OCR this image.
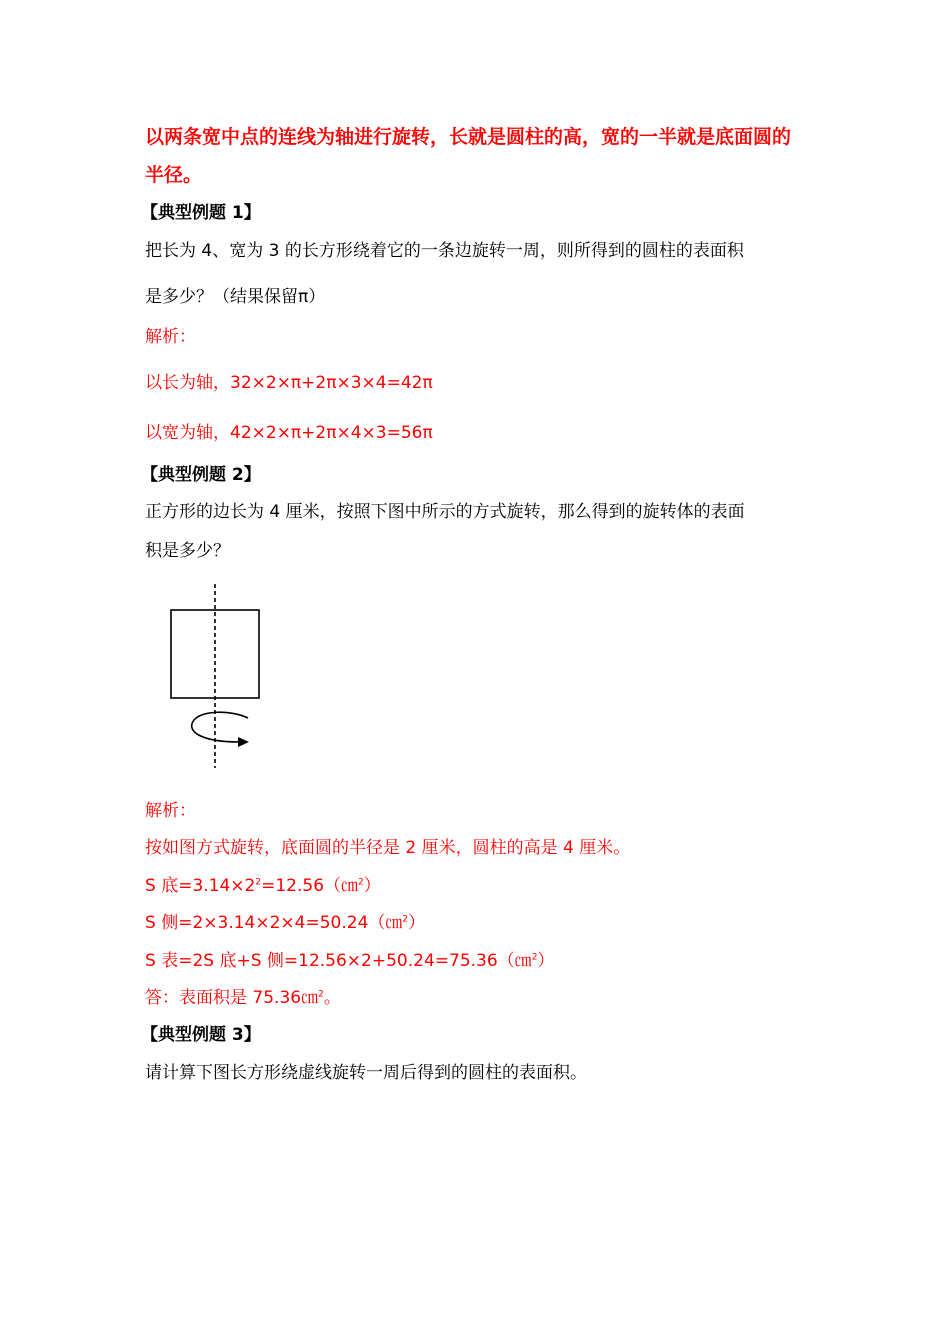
以两条宽中点的连线为轴进行旋转，长就是圆柱的高，宽的一半就是底面圆的
半径。
【典型例题 1】
把长为 4、宽为 3 的长方形绕着它的一条边旋转一周，则所得到的圆柱的表面积
是多少？（结果保留π）
解析：
以长为轴，32×2×π+2π×3×4=42π
以宽为轴，42×2×π+2π×4×3=56π
【典型例题 2】
正方形的边长为 4 厘米，按照下图中所示的方式旋转，那么得到的旋转体的表面
积是多少？
解析：
按如图方式旋转，底面圆的半径是 2 厘米，圆柱的高是 4 厘米。
S 底$=3.14\times 2^2=12.56(㎝^2)$
S 侧=2×3.14×2×4=50.24（㎝$^2$）
S 表=2S 底+S 侧=12.56×2+50.24=75.36（㎝$^2$）
答：表面积是 75.36㎝$^2$。
【典型例题 3】
请计算下图长方形绕虚线旋转一周后得到的圆柱的表面积。
